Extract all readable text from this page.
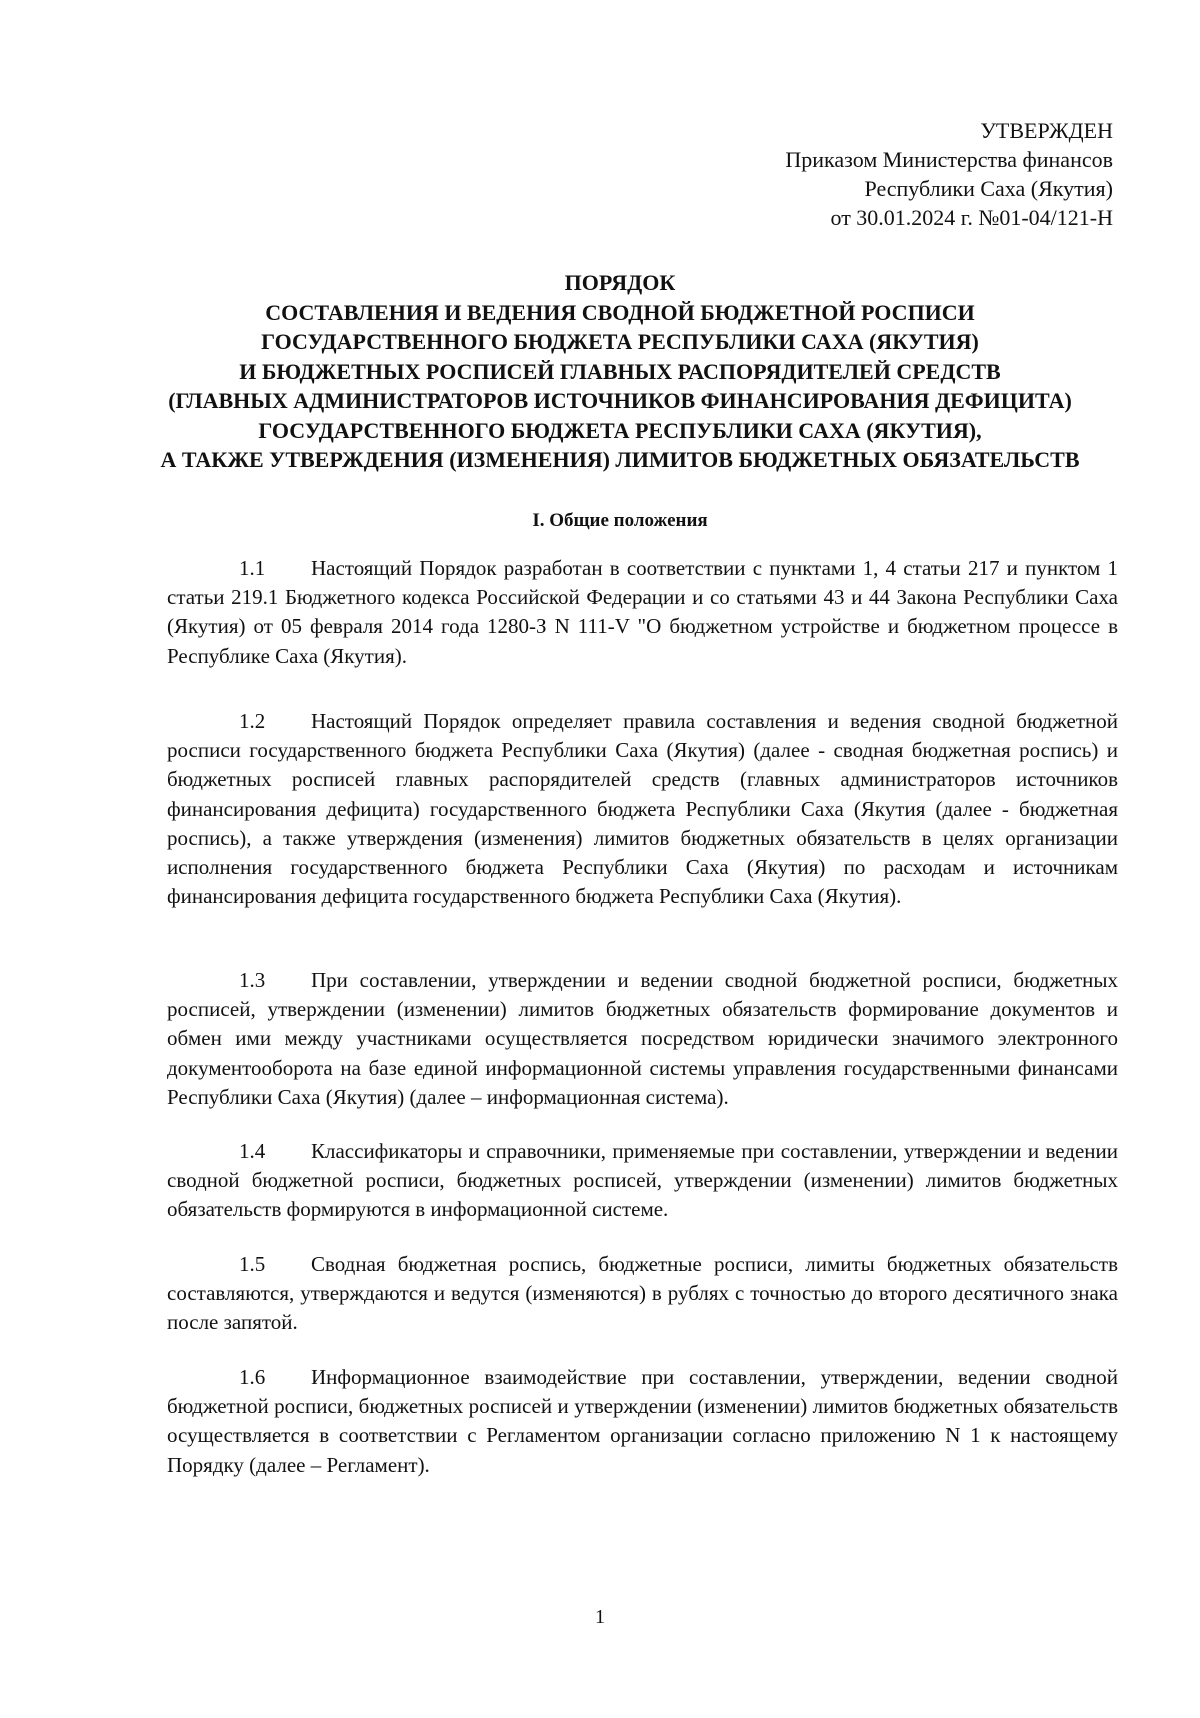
УТВЕРЖДЕН
Приказом Министерства финансов
Республики Саха (Якутия)
от 30.01.2024 г. №01-04/121-Н
ПОРЯДОК
СОСТАВЛЕНИЯ И ВЕДЕНИЯ СВОДНОЙ БЮДЖЕТНОЙ РОСПИСИ
ГОСУДАРСТВЕННОГО БЮДЖЕТА РЕСПУБЛИКИ САХА (ЯКУТИЯ)
И БЮДЖЕТНЫХ РОСПИСЕЙ ГЛАВНЫХ РАСПОРЯДИТЕЛЕЙ СРЕДСТВ
(ГЛАВНЫХ АДМИНИСТРАТОРОВ ИСТОЧНИКОВ ФИНАНСИРОВАНИЯ ДЕФИЦИТА)
ГОСУДАРСТВЕННОГО БЮДЖЕТА РЕСПУБЛИКИ САХА (ЯКУТИЯ),
А ТАКЖЕ УТВЕРЖДЕНИЯ (ИЗМЕНЕНИЯ) ЛИМИТОВ БЮДЖЕТНЫХ ОБЯЗАТЕЛЬСТВ
I. Общие положения

1.1 Настоящий Порядок разработан в соответствии с пунктами 1, 4 статьи 217 и пунктом 1 статьи 219.1 Бюджетного кодекса Российской Федерации и со статьями 43 и 44 Закона Республики Саха (Якутия) от 05 февраля 2014 года 1280-З N 111-V "О бюджетном устройстве и бюджетном процессе в Республике Саха (Якутия).

1.2 Настоящий Порядок определяет правила составления и ведения сводной бюджетной росписи государственного бюджета Республики Саха (Якутия) (далее - сводная бюджетная роспись) и бюджетных росписей главных распорядителей средств (главных администраторов источников финансирования дефицита) государственного бюджета Республики Саха (Якутия (далее - бюджетная роспись), а также утверждения (изменения) лимитов бюджетных обязательств в целях организации исполнения государственного бюджета Республики Саха (Якутия) по расходам и источникам финансирования дефицита государственного бюджета Республики Саха (Якутия).

1.3 При составлении, утверждении и ведении сводной бюджетной росписи, бюджетных росписей, утверждении (изменении) лимитов бюджетных обязательств формирование документов и обмен ими между участниками осуществляется посредством юридически значимого электронного документооборота на базе единой информационной системы управления государственными финансами Республики Саха (Якутия) (далее – информационная система).

1.4 Классификаторы и справочники, применяемые при составлении, утверждении и ведении сводной бюджетной росписи, бюджетных росписей, утверждении (изменении) лимитов бюджетных обязательств формируются в информационной системе.

1.5 Сводная бюджетная роспись, бюджетные росписи, лимиты бюджетных обязательств составляются, утверждаются и ведутся (изменяются) в рублях с точностью до второго десятичного знака после запятой.

1.6 Информационное взаимодействие при составлении, утверждении, ведении сводной бюджетной росписи, бюджетных росписей и утверждении (изменении) лимитов бюджетных обязательств осуществляется в соответствии с Регламентом организации согласно приложению N 1 к настоящему Порядку (далее – Регламент).

1
